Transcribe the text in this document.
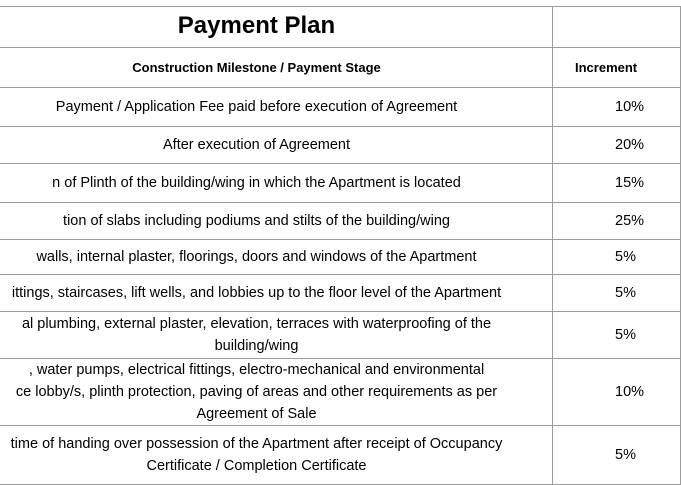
Payment Plan	
Construction Milestone / Payment Stage	Increment
Payment / Application Fee paid before execution of Agreement	10%
After execution of Agreement	20%
n of Plinth of the building/wing in which the Apartment is located	15%
tion of slabs including podiums and stilts of the building/wing	25%
walls, internal plaster, floorings, doors and windows of the Apartment	5%
ittings, staircases, lift wells, and lobbies up to the floor level of the Apartment	5%

al plumbing, external plaster, elevation, terraces with waterproofing of the
building/wing	5%

, water pumps, electrical fittings, electro-mechanical and environmental
ce lobby/s, plinth protection, paving of areas and other requirements as per
Agreement of Sale	10%

time of handing over possession of the Apartment after receipt of Occupancy
Certificate / Completion Certificate	5%
